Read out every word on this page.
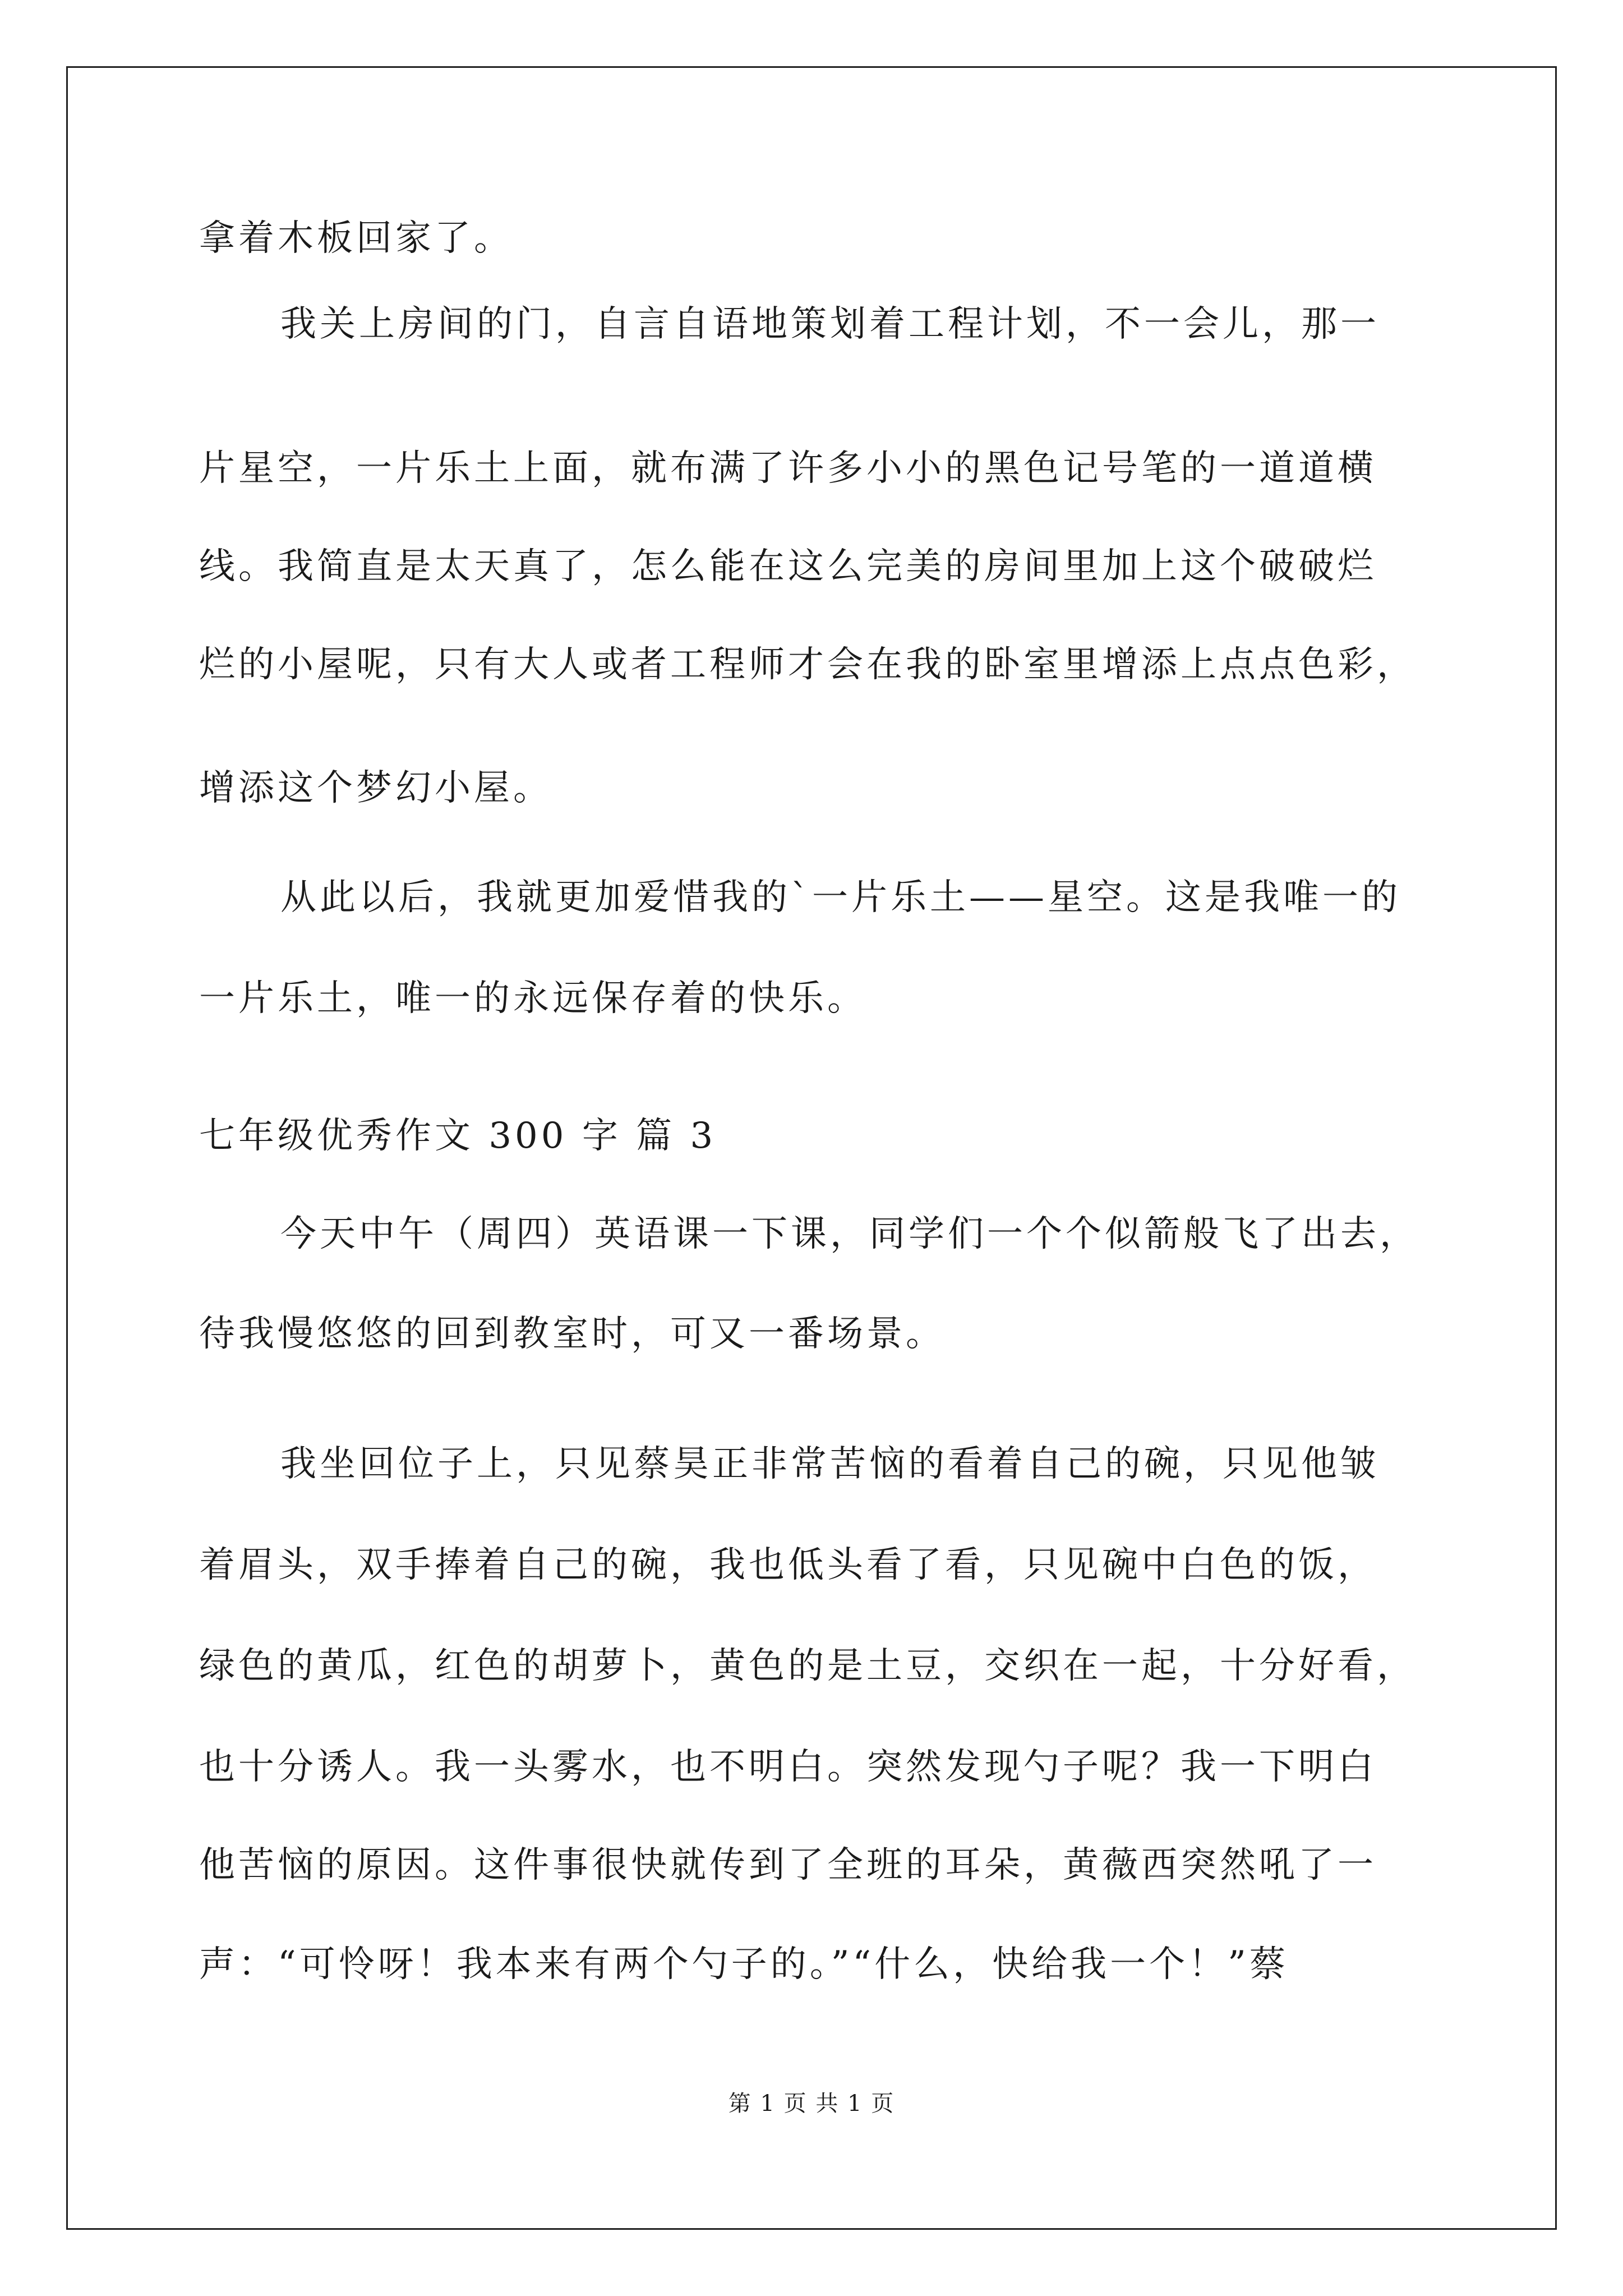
拿着木板回家了。

我关上房间的门，自言自语地策划着工程计划，不一会儿，那一

片星空，一片乐土上面，就布满了许多小小的黑色记号笔的一道道横

线。我简直是太天真了，怎么能在这么完美的房间里加上这个破破烂

烂的小屋呢，只有大人或者工程师才会在我的卧室里增添上点点色彩，

增添这个梦幻小屋。

从此以后，我就更加爱惜我的`一片乐土——星空。这是我唯一的

一片乐土，唯一的永远保存着的快乐。

七年级优秀作文 300 字 篇 3

今天中午（周四）英语课一下课，同学们一个个似箭般飞了出去，

待我慢悠悠的回到教室时，可又一番场景。

我坐回位子上，只见蔡昊正非常苦恼的看着自己的碗，只见他皱

着眉头，双手捧着自己的碗，我也低头看了看，只见碗中白色的饭，

绿色的黄瓜，红色的胡萝卜，黄色的是土豆，交织在一起，十分好看，

也十分诱人。我一头雾水，也不明白。突然发现勺子呢？我一下明白

他苦恼的原因。这件事很快就传到了全班的耳朵，黄薇西突然吼了一

声：“可怜呀！我本来有两个勺子的。”“什么，快给我一个！”蔡

第 1 页 共 1 页
